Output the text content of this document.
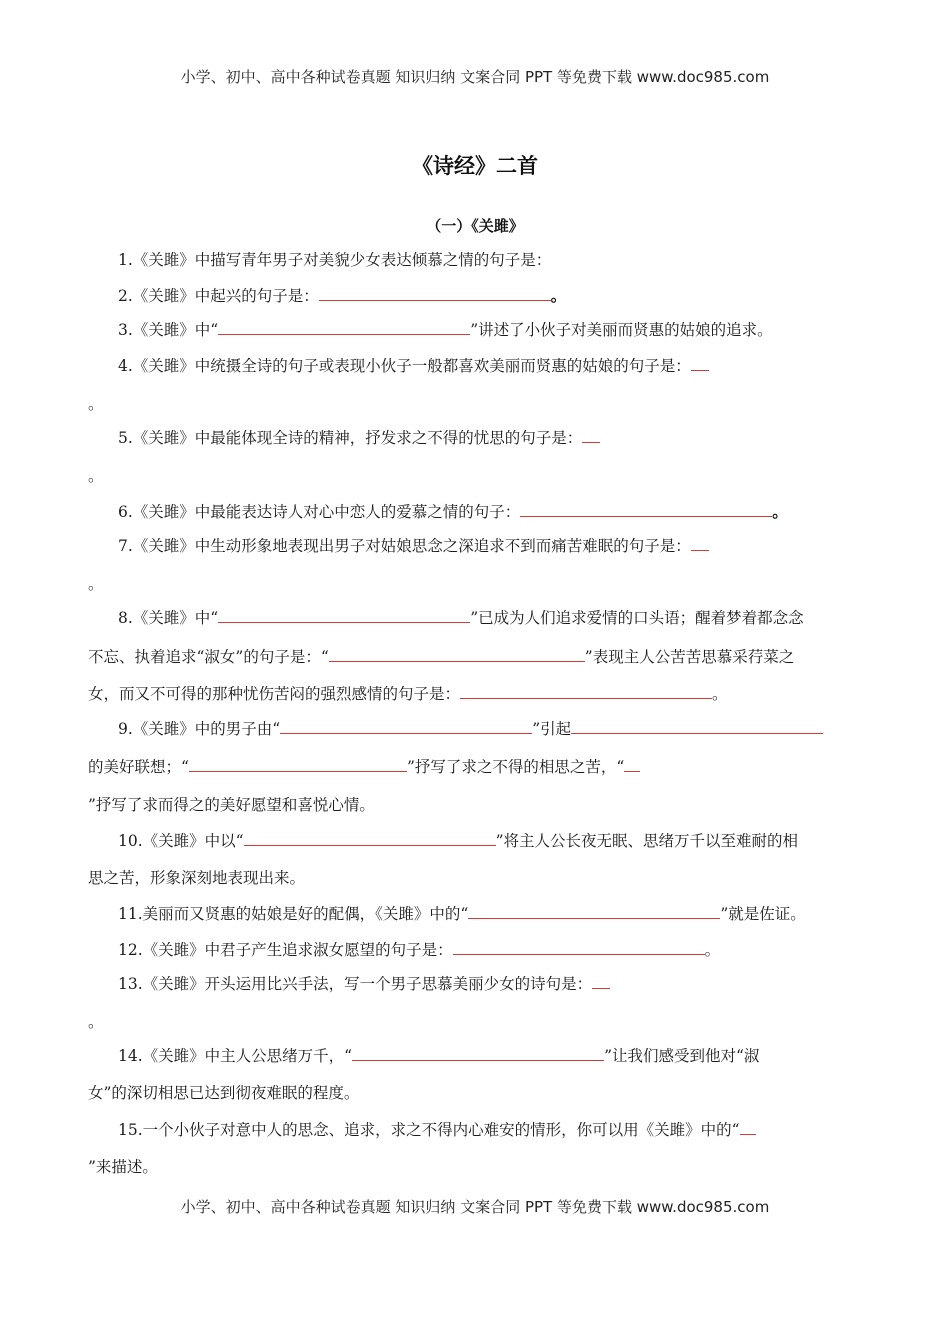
小学、初中、高中各种试卷真题 知识归纳 文案合同 PPT 等免费下载 www.doc985.com
《诗经》二首
（一）《关雎》
1.《关雎》中描写青年男子对美貌少女表达倾慕之情的句子是：
2.《关雎》中起兴的句子是：	。
3.《关雎》中“	”讲述了小伙子对美丽而贤惠的姑娘的追求。
4.《关雎》中统摄全诗的句子或表现小伙子一般都喜欢美丽而贤惠的姑娘的句子是：
。
5.《关雎》中最能体现全诗的精神，抒发求之不得的忧思的句子是：
。
6.《关雎》中最能表达诗人对心中恋人的爱慕之情的句子：	。
7.《关雎》中生动形象地表现出男子对姑娘思念之深追求不到而痛苦难眠的句子是：
。
8.《关雎》中“	”已成为人们追求爱情的口头语；醒着梦着都念念
不忘、执着追求“淑女”的句子是：“	”表现主人公苦苦思慕采荇菜之
女，而又不可得的那种忧伤苦闷的强烈感情的句子是：	。
9.《关雎》中的男子由“	”引起
的美好联想；“	”抒写了求之不得的相思之苦，“
”抒写了求而得之的美好愿望和喜悦心情。
10.《关雎》中以“	”将主人公长夜无眠、思绪万千以至难耐的相
思之苦，形象深刻地表现出来。
11.美丽而又贤惠的姑娘是好的配偶，《关雎》中的“	”就是佐证。
12.《关雎》中君子产生追求淑女愿望的句子是：	。
13.《关雎》开头运用比兴手法，写一个男子思慕美丽少女的诗句是：
。
14.《关雎》中主人公思绪万千，“	”让我们感受到他对“淑
女”的深切相思已达到彻夜难眠的程度。
15.一个小伙子对意中人的思念、追求，求之不得内心难安的情形，你可以用《关雎》中的“
”来描述。
小学、初中、高中各种试卷真题 知识归纳 文案合同 PPT 等免费下载 www.doc985.com
